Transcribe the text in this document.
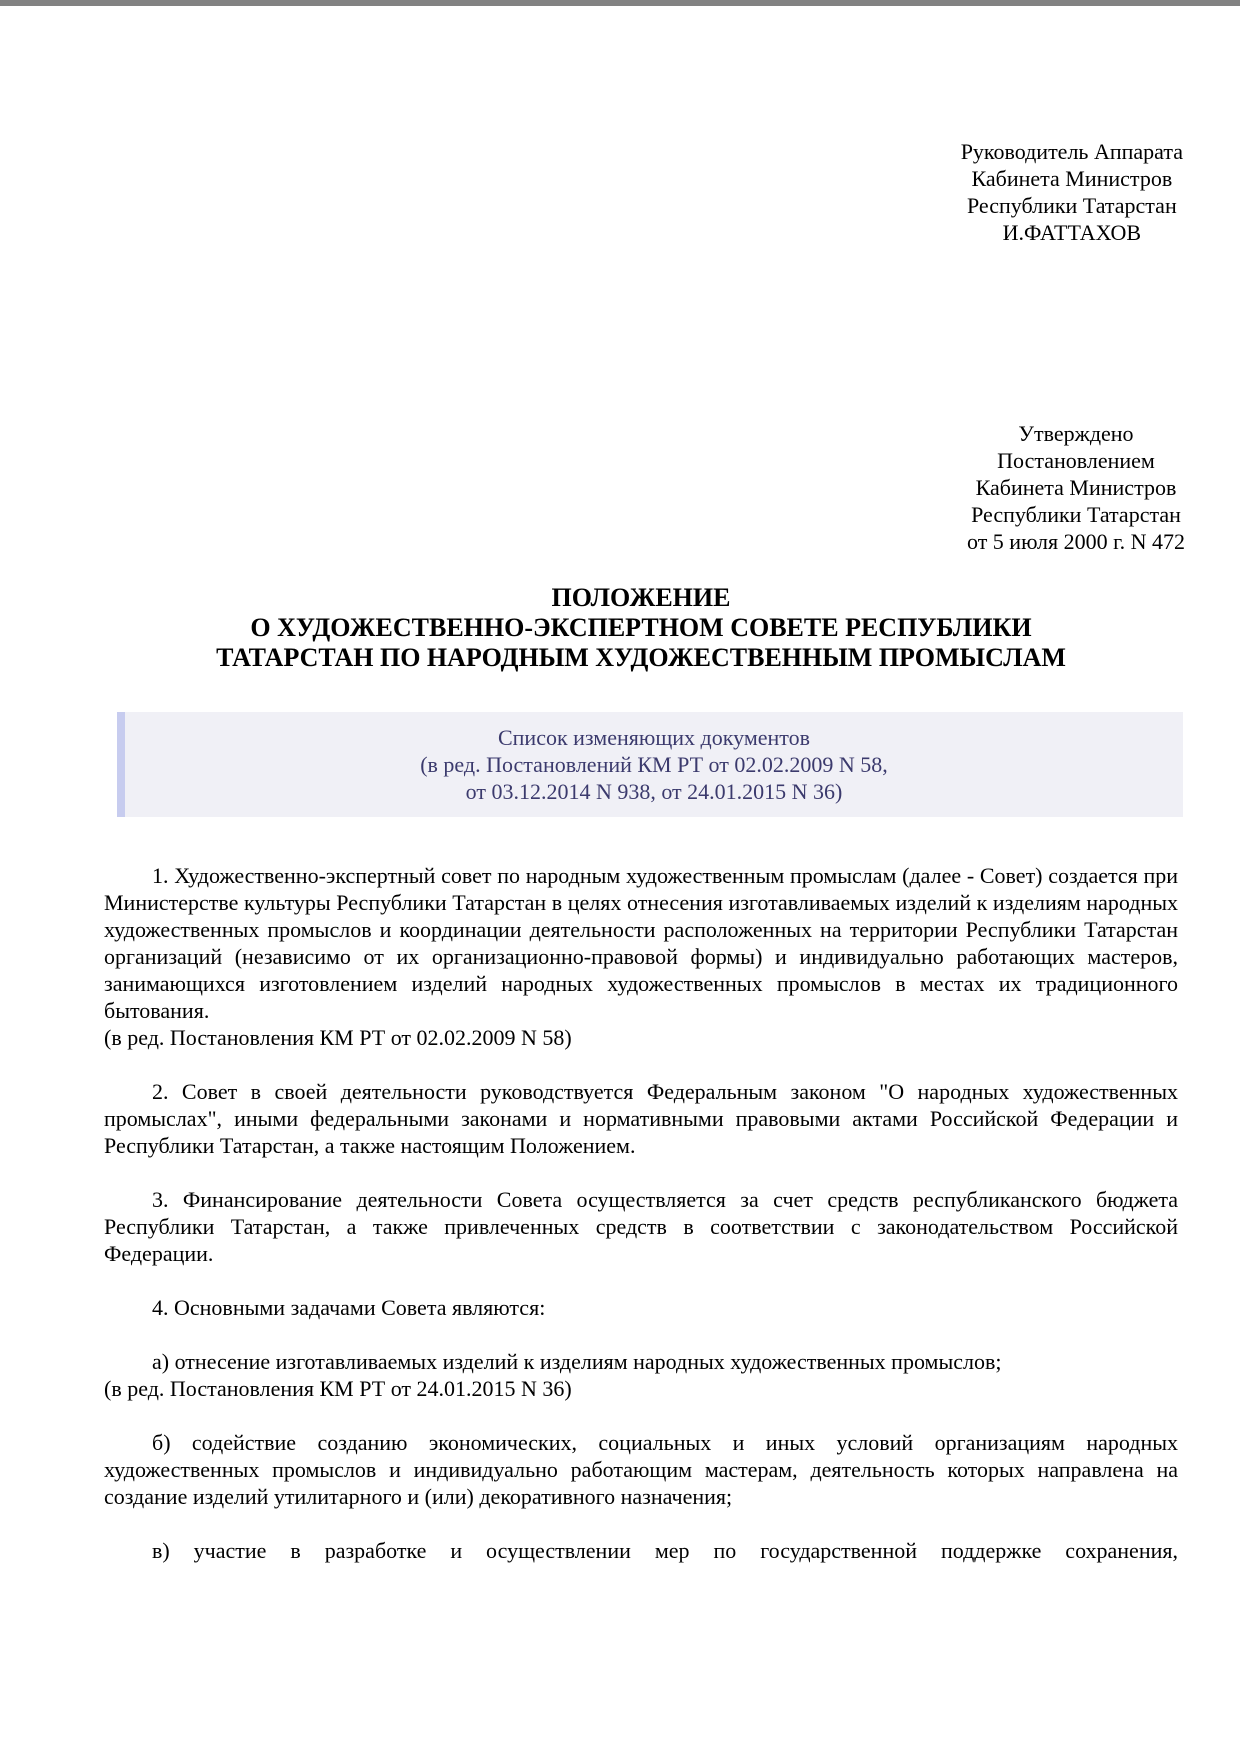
Руководитель Аппарата
Кабинета Министров
Республики Татарстан
И.ФАТТАХОВ
Утверждено
Постановлением
Кабинета Министров
Республики Татарстан
от 5 июля 2000 г. N 472
ПОЛОЖЕНИЕ
О ХУДОЖЕСТВЕННО-ЭКСПЕРТНОМ СОВЕТЕ РЕСПУБЛИКИ
ТАТАРСТАН ПО НАРОДНЫМ ХУДОЖЕСТВЕННЫМ ПРОМЫСЛАМ
Список изменяющих документов
(в ред. Постановлений КМ РТ от 02.02.2009 N 58,
от 03.12.2014 N 938, от 24.01.2015 N 36)

1. Художественно-экспертный совет по народным художественным промыслам (далее - Совет) создается при Министерстве культуры Республики Татарстан в целях отнесения изготавливаемых изделий к изделиям народных художественных промыслов и координации деятельности расположенных на территории Республики Татарстан организаций (независимо от их организационно-правовой формы) и индивидуально работающих мастеров, занимающихся изготовлением изделий народных художественных промыслов в местах их традиционного бытования.

(в ред. Постановления КМ РТ от 02.02.2009 N 58)

2. Совет в своей деятельности руководствуется Федеральным законом "О народных художественных промыслах", иными федеральными законами и нормативными правовыми актами Российской Федерации и Республики Татарстан, а также настоящим Положением.

3. Финансирование деятельности Совета осуществляется за счет средств республиканского бюджета Республики Татарстан, а также привлеченных средств в соответствии с законодательством Российской Федерации.

4. Основными задачами Совета являются:

а) отнесение изготавливаемых изделий к изделиям народных художественных промыслов;

(в ред. Постановления КМ РТ от 24.01.2015 N 36)

б) содействие созданию экономических, социальных и иных условий организациям народных художественных промыслов и индивидуально работающим мастерам, деятельность которых направлена на создание изделий утилитарного и (или) декоративного назначения;

в) участие в разработке и осуществлении мер по государственной поддержке сохранения,
